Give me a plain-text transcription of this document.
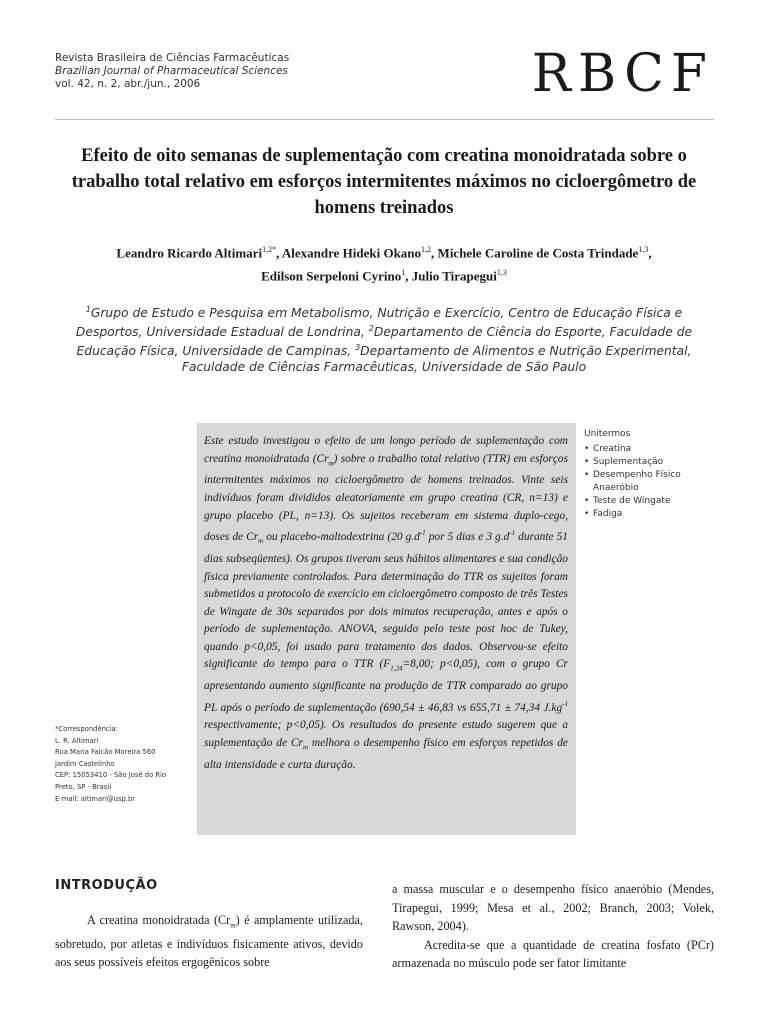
Revista Brasileira de Ciências Farmacêuticas
Brazilian Journal of Pharmaceutical Sciences
vol. 42, n. 2, abr./jun., 2006	RBCF
Efeito de oito semanas de suplementação com creatina monoidratada sobre o trabalho total relativo em esforços intermitentes máximos no cicloergômetro de homens treinados
Leandro Ricardo Altimari$^{1,2*}$, Alexandre Hideki Okano$^{1,2}$, Michele Caroline de Costa Trindade$^{1,3}$,
Edilson Serpeloni Cyrino$^1$, Julio Tirapegui$^{1,3}$
$^1$Grupo de Estudo e Pesquisa em Metabolismo, Nutrição e Exercício, Centro de Educação Física e Desportos, Universidade Estadual de Londrina, $^2$Departamento de Ciência do Esporte, Faculdade de Educação Física, Universidade de Campinas, $^3$Departamento de Alimentos e Nutrição Experimental, Faculdade de Ciências Farmacêuticas, Universidade de São Paulo
Este estudo investigou o efeito de um longo período de suplementação com creatina monoidratada $(Cr_m)$ sobre o trabalho total relativo (TTR) em esforços intermitentes máximos no cicloergômetro de homens treinados. Vinte seis indivíduos foram divididos aleatoriamente em grupo creatina (CR, n=13) e grupo placebo (PL, n=13). Os sujeitos receberam em sistema duplo-cego, doses de $Cr_m$ ou placebo-maltodextrina (20 $g.d^{-1}$ por 5 dias e 3 $g.d^{-1}$ durante 51 dias subseqüentes). Os grupos tiveram seus hábitos alimentares e sua condição física previamente controlados. Para determinação do TTR os sujeitos foram submetidos a protocolo de exercício em cicloergômetro composto de três Testes de Wingate de 30s separados por dois minutos recuperação, antes e após o período de suplementação. ANOVA, seguido pelo teste post hoc de Tukey, quando p<0,05, foi usado para tratamento dos dados. Observou-se efeito significante do tempo para o TTR ($F_{1,24}=8,00$; p<0,05), com o grupo Cr apresentando aumento significante na produção de TTR comparado ao grupo PL após o período de suplementação (690,54 ± 46,83 vs 655,71 ± 74,34 $J.kg^{-1}$ respectivamente; p<0,05). Os resultados do presente estudo sugerem que a suplementação de $Cr_m$ melhora o desempenho físico em esforços repetidos de alta intensidade e curta duração.
Unitermos
• Creatina
• Suplementação
• Desempenho Físico Anaeróbio
• Teste de Wingate
• Fadiga
*Correspondência:
L. R. Altimari
Rua Maria Falcão Moreira 560
Jardim Castelinho
CEP: 15053410 - São José do Rio
Preto, SP - Brasil
E-mail: altimari@usp.br
INTRODUÇÃO

A creatina monoidratada $(Cr_m)$ é amplamente utilizada, sobretudo, por atletas e indivíduos fisicamente ativos, devido aos seus possíveis efeitos ergogênicos sobre

a massa muscular e o desempenho físico anaeróbio (Mendes, Tirapegui, 1999; Mesa et al., 2002; Branch, 2003; Volek, Rawson, 2004).

Acredita-se que a quantidade de creatina fosfato (PCr) armazenada no músculo pode ser fator limitante
